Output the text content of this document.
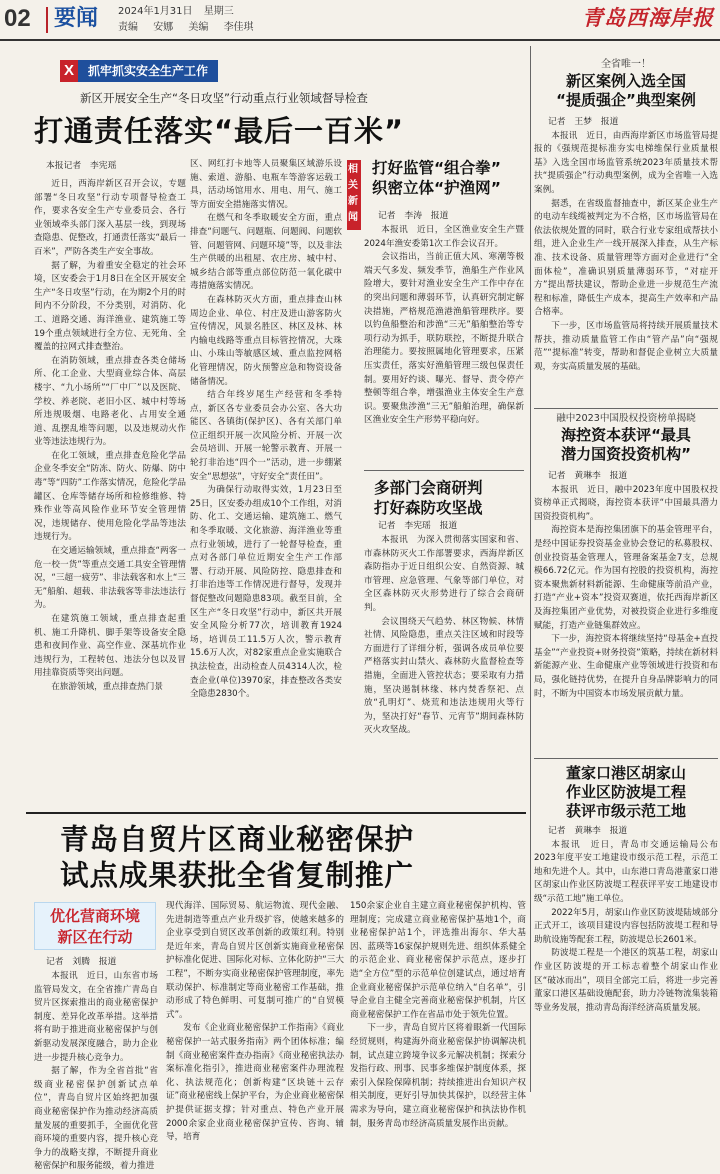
02 要闻 2024年1月31日 星期三
责编 安娜 美编 李佳琪	青岛西海岸报
X	抓牢抓实安全生产工作
新区开展安全生产“冬日攻坚”行动重点行业领域督导检查
打通责任落实“最后一百米”
本报记者　李宪瑶

近日，西海岸新区召开会议，专题部署“冬日攻坚”行动专项督导检查工作，要求各安全生产专业委员会、各行业领域牵头部门深入基层一线，到现场查隐患、促整改，打通责任落实“最后一百米”，严防各类生产安全事故。

据了解，为着重安全稳定的社会环境，区安委会于1月8日在全区开展安全生产“冬日攻坚”行动，在为期2个月的时间内不分阶段，不分类别，对消防、化工、道路交通、海洋渔业、建筑施工等19个重点领域进行全方位、无死角、全覆盖的拉网式排查整治。

在消防领域，重点排查各类仓储场所、化工企业、大型商业综合体、高层楼宇、“九小场所”“厂中厂”以及医院、学校、养老院、老旧小区、城中村等场所违规吸烟、电路老化、占用安全通道、乱摆乱堆等问题，以及违规动火作业等违法违规行为。

在化工领域，重点排查危险化学品企业冬季安全“防冻、防火、防爆、防中毒”等“四防”工作落实情况，危险化学品罐区、仓库等储存场所和检修维修、特殊作业等高风险作业环节安全管理情况，违规储存、使用危险化学品等违法违规行为。

在交通运输领域，重点排查“两客一危一校一货”等重点交通工具安全管理情况，“三超一疲劳”、非法载客和水上“三无”船舶、超载、非法载客等非法违法行为。

在建筑施工领域，重点排查起重机、施工升降机、脚手架等设备安全隐患和夜间作业、高空作业、深基坑作业违规行为，工程转包、违法分包以及冒用挂靠资质等突出问题。

在旅游领域，重点排查热门景

区、网红打卡地等人员聚集区域游乐设施、索道、游船、电瓶车等游客运载工具，活动场馆用水、用电、用气、施工等方面安全措施落实情况。

在燃气和冬季取暖安全方面，重点排查“问题气、问题瓶、问题阀、问题软管、问题管网、问题环境”等，以及非法生产供暖的出租屋、农庄房、城中村、城乡结合部等重点部位防范一氧化碳中毒措施落实情况。

在森林防灭火方面，重点排查山林周边企业、单位、村庄及进山游客防火宣传情况，风景名胜区、林区及林、林内输电线路等重点目标管控情况，大珠山、小珠山等敏感区域、重点监控网格化管理情况，防火预警应急和物资设备储备情况。

结合年终岁尾生产经营和冬季特点，新区各专业委员会办公室、各大功能区、各镇街(保护区)、各有关部门单位正组织开展一次风险分析、开展一次会员培训、开展一轮警示教育、开展一轮打非治违“四个一”活动，进一步绷紧安全“思想弦”，守好安全“责任田”。

为确保行动取得实效，1月23日至25日，区安委办组成10个工作组，对消防、化工、交通运输、建筑施工、燃气和冬季取暖、文化旅游、海洋渔业等重点行业领域，进行了一轮督导检查，重点对各部门单位近期安全生产工作部署、行动开展、风险防控、隐患排查和打非治违等工作情况进行督导，发现并督促整改问题隐患83项。截至目前，全区生产“冬日攻坚”行动中，新区共开展安全风险分析77次，培训教育1924场，培训员工11.5万人次，警示教育15.6万人次，对82家重点企业实施联合执法检查，出动检查人员4314人次，检查企业(单位)3970家，排查整改各类安全隐患2830个。

相关新闻
打好监管“组合拳”
织密立体“护渔网”
记者　李涛　报道

本报讯　近日，全区渔业安全生产暨2024年渔安委第1次工作会议召开。

会议指出，当前正值大风、寒潮等极端天气多发、频发季节，渔船生产作业风险增大，要针对渔业安全生产工作中存在的突出问题和薄弱环节，认真研究制定解决措施，严格规范渔港渔船管理秩序。要以钓鱼船整治和涉渔“三无”船舶整治等专项行动为抓手，联防联控，不断提升联合治理能力。要按照属地化管理要求，压紧压实责任，落实好渔船管理三级包保责任制。要用好约谈、曝光、督导、责令停产整顿等组合拳，增强渔业主体安全生产意识。要聚焦涉渔“三无”船舶治理，确保新区渔业安全生产形势平稳向好。

多部门会商研判
打好森防攻坚战
记者　李宪瑶　报道

本报讯　为深入贯彻落实国家和省、市森林防灭火工作部署要求，西海岸新区森防指办于近日组织公安、自然资源、城市管理、应急管理、气象等部门单位，对全区森林防灭火形势进行了综合会商研判。

会议围绕天气趋势、林区物候、林情社情、风险隐患，重点关注区域和时段等方面进行了详细分析，强调各成员单位要严格落实封山禁火、森林防火监督检查等措施，全面进入管控状态；要采取有力措施，坚决遏制林缘、林内焚香祭祀、点放“孔明灯”、烧荒和违法违规用火等行为，坚决打好“春节、元宵节”期间森林防灭火攻坚战。

全省唯一！
新区案例入选全国
“提质强企”典型案例
记者　王梦　报道

本报讯　近日，由西海岸新区市场监管局提报的《强规范提标准夯实电梯维保行业质量根基》入选全国市场监管系统2023年质量技术帮扶“提质强企”行动典型案例，成为全省唯一入选案例。

据悉，在省级监督抽查中，新区某企业生产的电动车线缆被判定为不合格，区市场监管局在依法依规处置的同时，联合行业专家组成帮扶小组，进入企业生产一线开展深入排查，从生产标准、技术设备、质量管理等方面对企业进行“全面体检”，准确识别质量薄弱环节，“对症开方”提出帮扶建议，帮助企业进一步规范生产流程和标准，降低生产成本，提高生产效率和产品合格率。

下一步，区市场监管局将持续开展质量技术帮扶，推动质量监管工作由“管产品”向“强规范”“提标准”转变，帮助和督促企业树立大质量观，夯实高质量发展的基础。

融中2023中国股权投资榜单揭晓
海控资本获评“最具
潜力国资投资机构”
记者　黄琳李　报道

本报讯　近日，融中2023年度中国股权投资榜单正式揭晓，海控资本获评“中国最具潜力国资投资机构”。

海控资本是海控集团旗下的基金管理平台，是经中国证券投资基金业协会登记的私募股权、创业投资基金管理人，管理备案基金7支，总规模66.72亿元。作为国有控股的投资机构，海控资本聚焦新材料新能源、生命健康等前沿产业，打造“产业+资本”投资双赛道，依托西海岸新区及海控集团产业优势，对被投资企业进行多维度赋能，打造产业链集群效应。

下一步，海控资本将继续坚持“母基金+直投基金”“产业投资+财务投资”策略，持续在新材料新能源产业、生命健康产业等领域进行投资和布局，强化链持优势，在提升自身品牌影响力的同时，不断为中国资本市场发展贡献力量。

董家口港区胡家山
作业区防波堤工程
获评市级示范工地
记者　黄琳李　报道

本报讯　近日，青岛市交通运输局公布2023年度平安工地建设市级示范工程，示范工地和先进个人。其中，山东港口青岛港董家口港区胡家山作业区防波堤工程获评平安工地建设市级“示范工地”施工单位。

2022年5月，胡家山作业区防波堤陆域部分正式开工，该项目建设内容包括防波堤工程和导助航设施等配套工程，防波堤总长2601米。

防波堤工程是一个港区的筑基工程，胡家山作业区防波堤的开工标志着整个胡家山作业区“破冰而出”，项目全部完工后，将进一步完善董家口港区基础设施配套，助力冷链物流集装箱等业务发展，推动青岛海洋经济高质量发展。

青岛自贸片区商业秘密保护
试点成果获批全省复制推广
优化营商环境
新区在行动
记者　刘腾　报道

本报讯　近日，山东省市场监管局发文，在全省推广青岛自贸片区探索推出的商业秘密保护制度、差异化改革举措。这举措将有助于推进商业秘密保护与创新驱动发展深度融合，助力企业进一步提升核心竞争力。

据了解，作为全省首批“省级商业秘密保护创新试点单位”，青岛自贸片区始终把加强商业秘密保护作为推动经济高质量发展的重要抓手，全面优化营商环境的重要内容，提升核心竞争力的战略支撑，不断提升商业秘密保护和服务能级，着力推进

现代海洋、国际贸易、航运物流、现代金融、先进制造等重点产业升级扩容，使越来越多的企业享受到自贸区改革创新的政策红利。特别是近年来，青岛自贸片区创新实施商业秘密保护标准化促进、国际化对标、立体化防护“三大工程”，不断夯实商业秘密保护管理制度，率先联动保护、标准制定等商业秘密工作基础，推动形成了特色鲜明、可复制可推广的“自贸模式”。

发布《企业商业秘密保护工作指南》《商业秘密保护一站式服务指南》两个团体标准；编制《商业秘密案件查办指南》《商业秘密执法办案标准化指引》，推进商业秘密案件办理流程化、执法规范化；创新构建“区块链＋云存证”商业秘密线上保护平台，为企业商业秘密保护提供证据支撑；针对重点、特色产业开展2000余家企业商业秘密保护宣传、咨询、辅导，培育

150余家企业自主建立商业秘密保护机构、管理制度；完成建立商业秘密保护基地1个，商业秘密保护站1个，评选推出海尔、华大基因、蓝瑛等16家保护规则先进、组织体系健全的示范企业、商业秘密保护示范点，逐步打造“全方位”型的示范单位创建试点，通过培育企业商业秘密保护示范单位纳入“自名单”，引导企业自主健全完善商业秘密保护机制，片区商业秘密保护工作在省品市处于领先位置。

下一步，青岛自贸片区将着眼新一代国际经贸规则，构建海外商业秘密保护协调解决机制，试点建立跨境争议多元解决机制；探索分发指行政、刑事、民事多维保护制度体系，探索引入保险保障机制；持续推进出台知识产权相关制度，更好引导加快其保护，以经营主体需求为导向，建立商业秘密保护和执法协作机制，服务青岛市经济高质量发展作出贡献。
